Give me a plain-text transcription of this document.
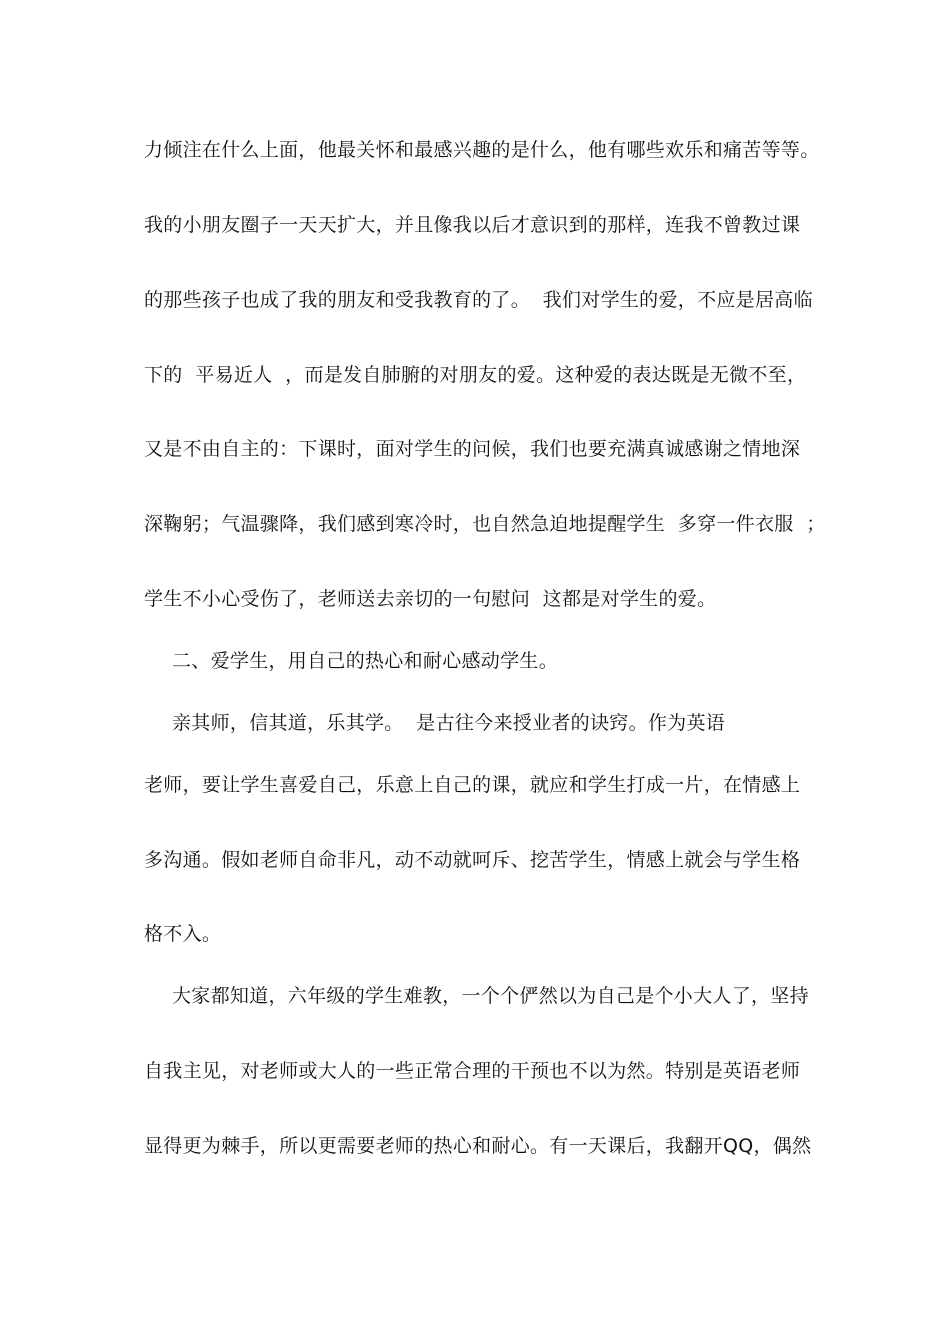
力倾注在什么上面，他最关怀和最感兴趣的是什么，他有哪些欢乐和痛苦等等。
我的小朋友圈子一天天扩大，并且像我以后才意识到的那样，连我不曾教过课
的那些孩子也成了我的朋友和受我教育的了。  我们对学生的爱，不应是居高临
下的  平易近人  ，而是发自肺腑的对朋友的爱。这种爱的表达既是无微不至，
又是不由自主的：下课时，面对学生的问候，我们也要充满真诚感谢之情地深
深鞠躬；气温骤降，我们感到寒冷时，也自然急迫地提醒学生  多穿一件衣服  ；
学生不小心受伤了，老师送去亲切的一句慰问  这都是对学生的爱。
二、爱学生，用自己的热心和耐心感动学生。
亲其师，信其道，乐其学。  是古往今来授业者的诀窍。作为英语
老师，要让学生喜爱自己，乐意上自己的课，就应和学生打成一片，在情感上
多沟通。假如老师自命非凡，动不动就呵斥、挖苦学生，情感上就会与学生格
格不入。
大家都知道，六年级的学生难教，一个个俨然以为自己是个小大人了，坚持
自我主见，对老师或大人的一些正常合理的干预也不以为然。特别是英语老师
显得更为棘手，所以更需要老师的热心和耐心。有一天课后，我翻开QQ，偶然
